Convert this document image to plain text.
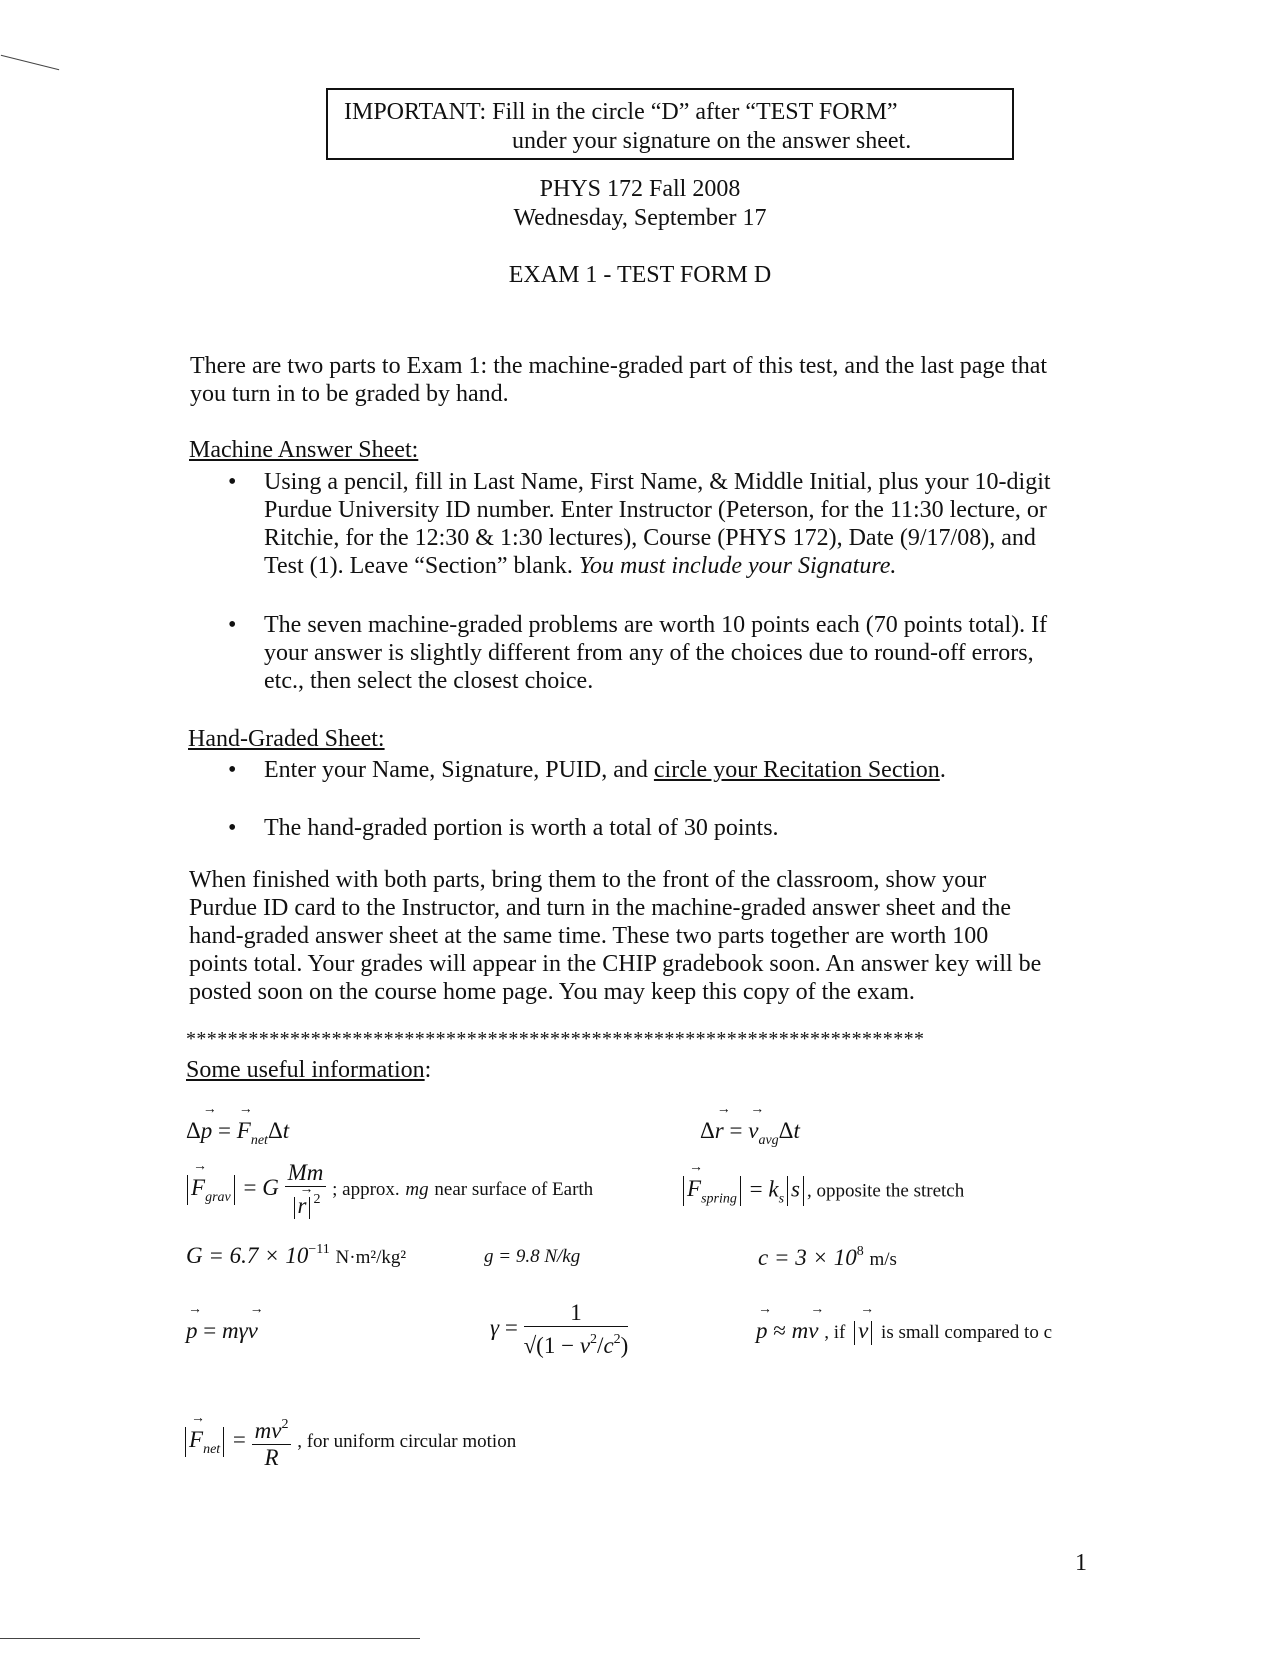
IMPORTANT: Fill in the circle “D” after “TEST FORM”
under your signature on the answer sheet.
PHYS 172 Fall 2008
Wednesday, September 17
EXAM 1 - TEST FORM D
There are two parts to Exam 1: the machine-graded part of this test, and the last page that
you turn in to be graded by hand.
Machine Answer Sheet:
• Using a pencil, fill in Last Name, First Name, & Middle Initial, plus your 10-digit
Purdue University ID number. Enter Instructor (Peterson, for the 11:30 lecture, or
Ritchie, for the 12:30 & 1:30 lectures), Course (PHYS 172), Date (9/17/08), and
Test (1). Leave “Section” blank. You must include your Signature.
• The seven machine-graded problems are worth 10 points each (70 points total). If
your answer is slightly different from any of the choices due to round-off errors,
etc., then select the closest choice.
Hand-Graded Sheet:
• Enter your Name, Signature, PUID, and circle your Recitation Section.
• The hand-graded portion is worth a total of 30 points.
When finished with both parts, bring them to the front of the classroom, show your
Purdue ID card to the Instructor, and turn in the machine-graded answer sheet and the
hand-graded answer sheet at the same time. These two parts together are worth 100
points total. Your grades will appear in the CHIP gradebook soon. An answer key will be
posted soon on the course home page. You may keep this copy of the exam.
***********************************************************************
Some useful information:
Δ→ p = → $F_{net}\Delta t$	Δ→ r = → $v_{avg}\Delta t$
→ $F_{grav} = G$ Mm
→ r $^2$ ; approx. mg near surface of Earth	→ $F_{spring} = k_s$ s , opposite the stretch
$G = 6.7 \times 10^{-11}$ N·m²/kg²	g = 9.8 N/kg	$c = 3 \times 10^8$ m/s
→ p = mγ→ v	$\gamma = \frac{1}{√(1 - v^2/c^2)}$	→ p ≈ m→ v , if → v is small compared to c
→ $F_{net} = \frac{mv^2}{R}$ , for uniform circular motion
1
